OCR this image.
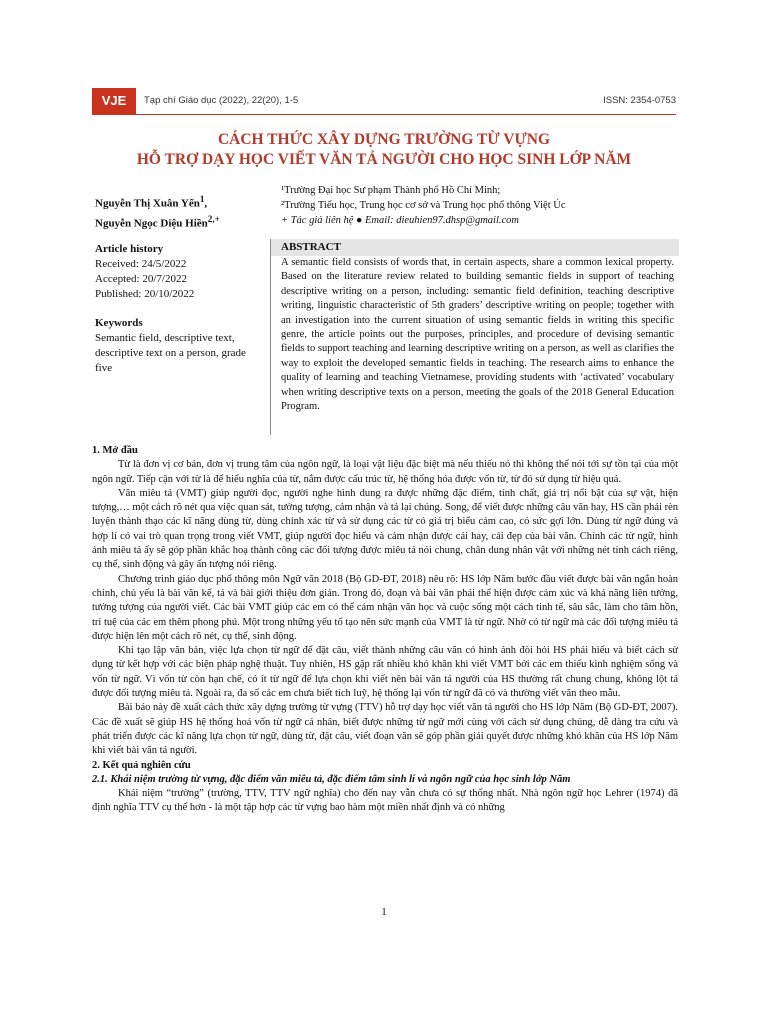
VJE	Tạp chí Giáo dục (2022), 22(20), 1-5	ISSN: 2354-0753
CÁCH THỨC XÂY DỰNG TRƯỜNG TỪ VỰNG
HỖ TRỢ DẠY HỌC VIẾT VĂN TẢ NGƯỜI CHO HỌC SINH LỚP NĂM
Nguyễn Thị Xuân Yến$^1$,
Nguyễn Ngọc Diệu Hiền$^{2,+}$
¹Trường Đại học Sư phạm Thành phố Hồ Chí Minh;
²Trường Tiểu học, Trung học cơ sở và Trung học phổ thông Việt Úc
+ Tác giả liên hệ ● Email: dieuhien97.dhsp@gmail.com
Article history
Received: 24/5/2022
Accepted: 20/7/2022
Published: 20/10/2022
Keywords
Semantic field, descriptive text, descriptive text on a person, grade five
ABSTRACT
A semantic field consists of words that, in certain aspects, share a common lexical property. Based on the literature review related to building semantic fields in support of teaching descriptive writing on a person, including: semantic field definition, teaching descriptive writing, linguistic characteristic of 5th graders’ descriptive writing on people; together with an investigation into the current situation of using semantic fields in writing this specific genre, the article points out the purposes, principles, and procedure of devising semantic fields to support teaching and learning descriptive writing on a person, as well as clarifies the way to exploit the developed semantic fields in teaching. The research aims to enhance the quality of learning and teaching Vietnamese, providing students with ‘activated’ vocabulary when writing descriptive texts on a person, meeting the goals of the 2018 General Education Program.

1. Mở đầu

Từ là đơn vị cơ bản, đơn vị trung tâm của ngôn ngữ, là loại vật liệu đặc biệt mà nếu thiếu nó thì không thể nói tới sự tồn tại của một ngôn ngữ. Tiếp cận với từ là để hiểu nghĩa của từ, nắm được cấu trúc từ, hệ thống hóa được vốn từ, từ đó sử dụng từ hiệu quả.

Văn miêu tả (VMT) giúp người đọc, người nghe hình dung ra được những đặc điểm, tính chất, giá trị nổi bật của sự vật, hiện tượng,… một cách rõ nét qua việc quan sát, tưởng tượng, cảm nhận và tả lại chúng. Song, để viết được những câu văn hay, HS cần phải rèn luyện thành thạo các kĩ năng dùng từ, dùng chính xác từ và sử dụng các từ có giá trị biểu cảm cao, có sức gợi lớn. Dùng từ ngữ đúng và hợp lí có vai trò quan trọng trong viết VMT, giúp người đọc hiểu và cảm nhận được cái hay, cái đẹp của bài văn. Chính các từ ngữ, hình ảnh miêu tả ấy sẽ góp phần khắc hoạ thành công các đối tượng được miêu tả nói chung, chân dung nhân vật với những nét tính cách riêng, cụ thể, sinh động và gây ấn tượng nói riêng.

Chương trình giáo dục phổ thông môn Ngữ văn 2018 (Bộ GD-ĐT, 2018) nêu rõ: HS lớp Năm bước đầu viết được bài văn ngắn hoàn chỉnh, chủ yếu là bài văn kể, tả và bài giới thiệu đơn giản. Trong đó, đoạn và bài văn phải thể hiện được cảm xúc và khả năng liên tưởng, tưởng tượng của người viết. Các bài VMT giúp các em có thể cảm nhận văn học và cuộc sống một cách tinh tế, sâu sắc, làm cho tâm hồn, trí tuệ của các em thêm phong phú. Một trong những yếu tố tạo nên sức mạnh của VMT là từ ngữ. Nhờ có từ ngữ mà các đối tượng miêu tả được hiện lên một cách rõ nét, cụ thể, sinh động.

Khi tạo lập văn bản, việc lựa chọn từ ngữ để đặt câu, viết thành những câu văn có hình ảnh đòi hỏi HS phải hiểu và biết cách sử dụng từ kết hợp với các biện pháp nghệ thuật. Tuy nhiên, HS gặp rất nhiều khó khăn khi viết VMT bởi các em thiếu kinh nghiệm sống và vốn từ ngữ. Vì vốn từ còn hạn chế, có ít từ ngữ để lựa chọn khi viết nên bài văn tả người của HS thường rất chung chung, không lột tả được đối tượng miêu tả. Ngoài ra, đa số các em chưa biết tích luỹ, hệ thống lại vốn từ ngữ đã có và thường viết văn theo mẫu.

Bài báo này đề xuất cách thức xây dựng trường từ vựng (TTV) hỗ trợ dạy học viết văn tả người cho HS lớp Năm (Bộ GD-ĐT, 2007). Các đề xuất sẽ giúp HS hệ thống hoá vốn từ ngữ cá nhân, biết được những từ ngữ mới cùng với cách sử dụng chúng, dễ dàng tra cứu và phát triển được các kĩ năng lựa chọn từ ngữ, dùng từ, đặt câu, viết đoạn văn sẽ góp phần giải quyết được những khó khăn của HS lớp Năm khi viết bài văn tả người.

2. Kết quả nghiên cứu

2.1. Khái niệm trường từ vựng, đặc điểm văn miêu tả, đặc điểm tâm sinh lí và ngôn ngữ của học sinh lớp Năm

Khái niệm “trường” (trường, TTV, TTV ngữ nghĩa) cho đến nay vẫn chưa có sự thống nhất. Nhà ngôn ngữ học Lehrer (1974) đã định nghĩa TTV cụ thể hơn - là một tập hợp các từ vựng bao hàm một miền nhất định và có những

1
